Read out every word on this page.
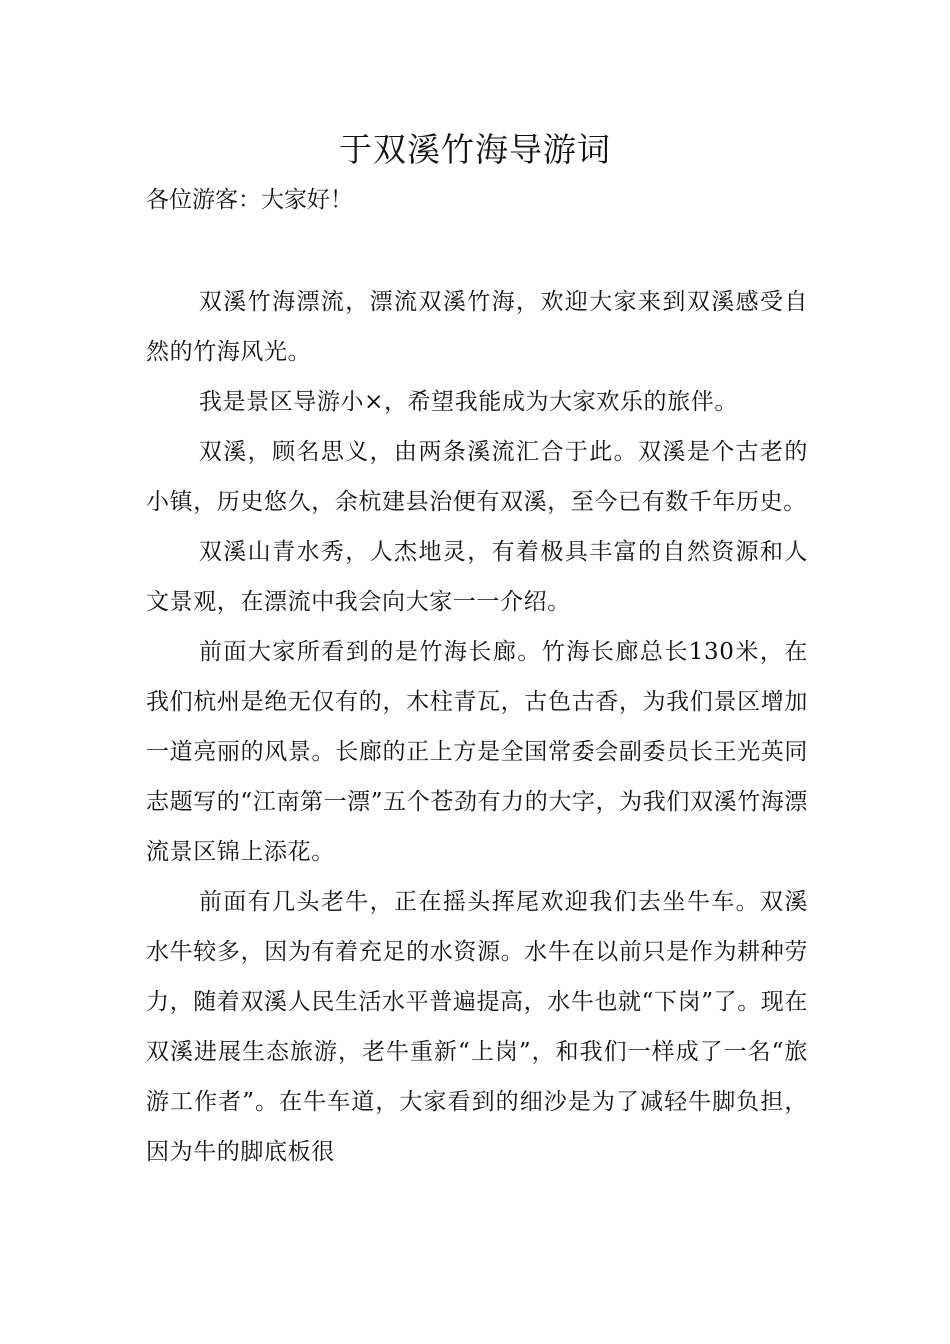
于双溪竹海导游词

各位游客：大家好！

双溪竹海漂流，漂流双溪竹海，欢迎大家来到双溪感受自然的竹海风光。

我是景区导游小×，希望我能成为大家欢乐的旅伴。

双溪，顾名思义，由两条溪流汇合于此。双溪是个古老的小镇，历史悠久，余杭建县治便有双溪，至今已有数千年历史。

双溪山青水秀，人杰地灵，有着极具丰富的自然资源和人文景观，在漂流中我会向大家一一介绍。

前面大家所看到的是竹海长廊。竹海长廊总长130米，在我们杭州是绝无仅有的，木柱青瓦，古色古香，为我们景区增加一道亮丽的风景。长廊的正上方是全国常委会副委员长王光英同志题写的“江南第一漂”五个苍劲有力的大字，为我们双溪竹海漂流景区锦上添花。

前面有几头老牛，正在摇头挥尾欢迎我们去坐牛车。双溪水牛较多，因为有着充足的水资源。水牛在以前只是作为耕种劳力，随着双溪人民生活水平普遍提高，水牛也就“下岗”了。现在双溪进展生态旅游，老牛重新“上岗”，和我们一样成了一名“旅游工作者”。在牛车道，大家看到的细沙是为了减轻牛脚负担，因为牛的脚底板很
